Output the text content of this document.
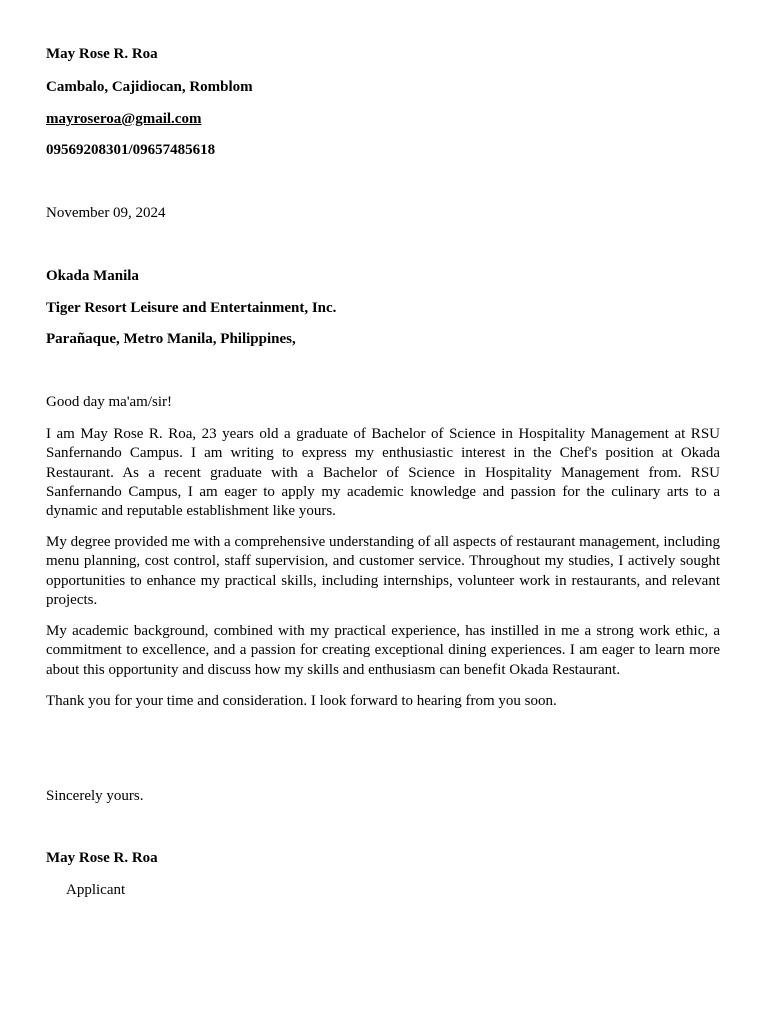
May Rose R. Roa
Cambalo, Cajidiocan, Romblom
mayroseroa@gmail.com
09569208301/09657485618
November 09, 2024
Okada Manila
Tiger Resort Leisure and Entertainment, Inc.
Parañaque, Metro Manila, Philippines,
Good day ma'am/sir!

I am May Rose R. Roa, 23 years old a graduate of Bachelor of Science in Hospitality Management at RSU Sanfernando Campus. I am writing to express my enthusiastic interest in the Chef's position at Okada Restaurant. As a recent graduate with a Bachelor of Science in Hospitality Management from. RSU Sanfernando Campus, I am eager to apply my academic knowledge and passion for the culinary arts to a dynamic and reputable establishment like yours.

My degree provided me with a comprehensive understanding of all aspects of restaurant management, including menu planning, cost control, staff supervision, and customer service. Throughout my studies, I actively sought opportunities to enhance my practical skills, including internships, volunteer work in restaurants, and relevant projects.

My academic background, combined with my practical experience, has instilled in me a strong work ethic, a commitment to excellence, and a passion for creating exceptional dining experiences. I am eager to learn more about this opportunity and discuss how my skills and enthusiasm can benefit Okada Restaurant.

Thank you for your time and consideration. I look forward to hearing from you soon.

Sincerely yours.
May Rose R. Roa
Applicant
